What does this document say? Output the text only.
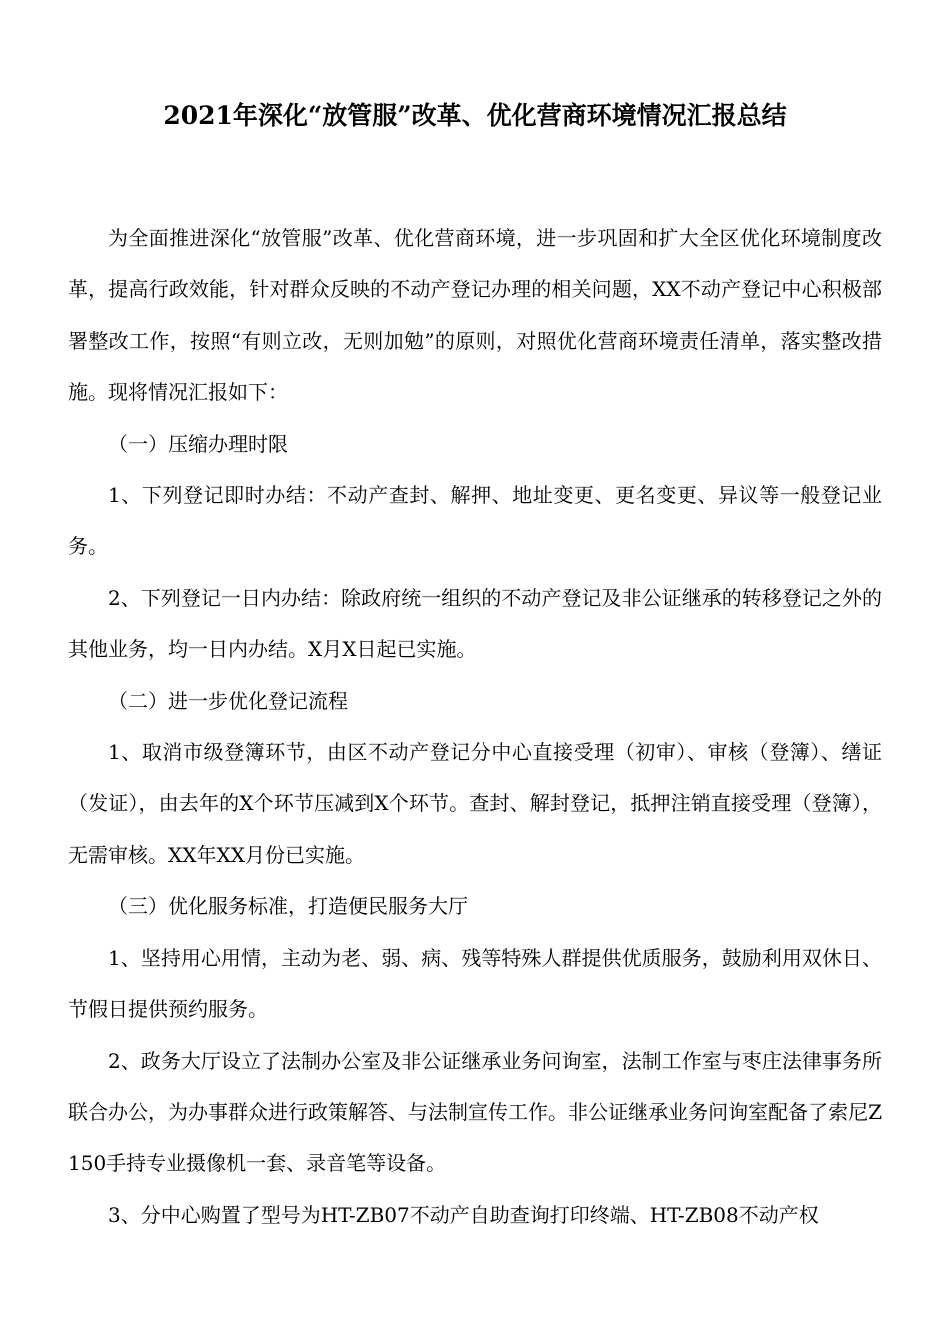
2021年深化“放管服”改革、优化营商环境情况汇报总结

为全面推进深化“放管服”改革、优化营商环境，进一步巩固和扩大全区优化环境制度改革，提高行政效能，针对群众反映的不动产登记办理的相关问题，XX不动产登记中心积极部署整改工作，按照“有则立改，无则加勉”的原则，对照优化营商环境责任清单，落实整改措施。现将情况汇报如下：

（一）压缩办理时限

1、下列登记即时办结：不动产查封、解押、地址变更、更名变更、异议等一般登记业务。

2、下列登记一日内办结：除政府统一组织的不动产登记及非公证继承的转移登记之外的其他业务，均一日内办结。X月X日起已实施。

（二）进一步优化登记流程

1、取消市级登簿环节，由区不动产登记分中心直接受理（初审）、审核（登簿）、缮证（发证），由去年的X个环节压减到X个环节。查封、解封登记，抵押注销直接受理（登簿），无需审核。XX年XX月份已实施。

（三）优化服务标准，打造便民服务大厅

1、坚持用心用情，主动为老、弱、病、残等特殊人群提供优质服务，鼓励利用双休日、节假日提供预约服务。

2、政务大厅设立了法制办公室及非公证继承业务问询室，法制工作室与枣庄法律事务所联合办公，为办事群众进行政策解答、与法制宣传工作。非公证继承业务问询室配备了索尼Z150手持专业摄像机一套、录音笔等设备。

3、分中心购置了型号为HT-ZB07不动产自助查询打印终端、HT-ZB08不动产权
